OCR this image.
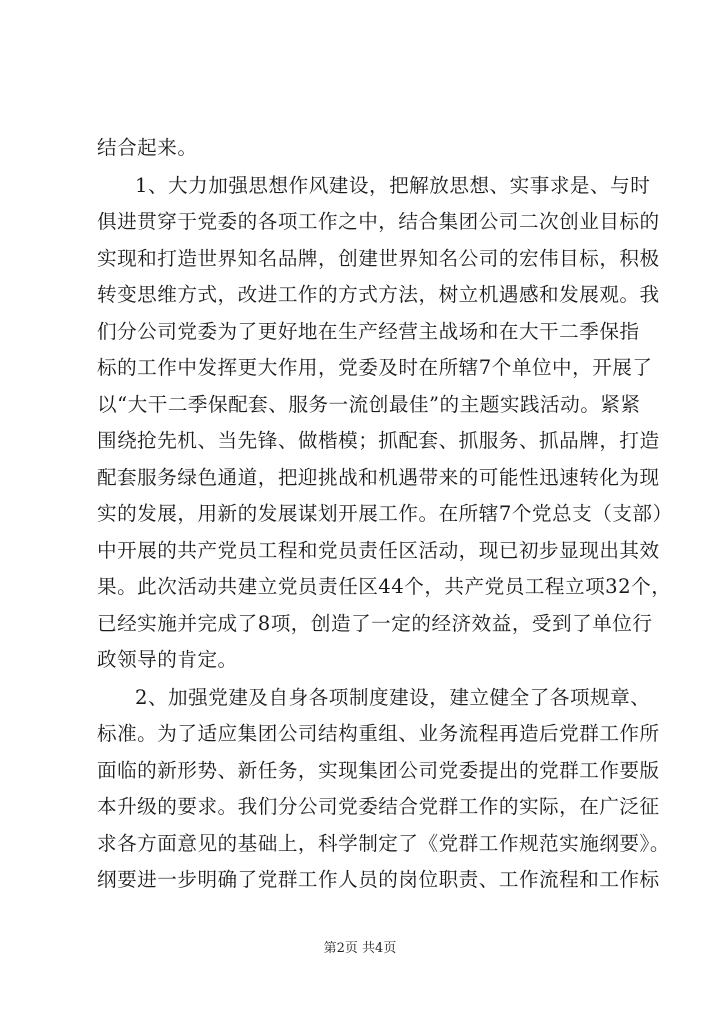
结合起来。
1、大力加强思想作风建设，把解放思想、实事求是、与时
俱进贯穿于党委的各项工作之中，结合集团公司二次创业目标的
实现和打造世界知名品牌，创建世界知名公司的宏伟目标，积极
转变思维方式，改进工作的方式方法，树立机遇感和发展观。我
们分公司党委为了更好地在生产经营主战场和在大干二季保指
标的工作中发挥更大作用，党委及时在所辖7个单位中，开展了
以“大干二季保配套、服务一流创最佳”的主题实践活动。紧紧
围绕抢先机、当先锋、做楷模；抓配套、抓服务、抓品牌，打造
配套服务绿色通道，把迎挑战和机遇带来的可能性迅速转化为现
实的发展，用新的发展谋划开展工作。在所辖7个党总支（支部）
中开展的共产党员工程和党员责任区活动，现已初步显现出其效
果。此次活动共建立党员责任区44个，共产党员工程立项32个，
已经实施并完成了8项，创造了一定的经济效益，受到了单位行
政领导的肯定。
2、加强党建及自身各项制度建设，建立健全了各项规章、
标准。为了适应集团公司结构重组、业务流程再造后党群工作所
面临的新形势、新任务，实现集团公司党委提出的党群工作要版
本升级的要求。我们分公司党委结合党群工作的实际，在广泛征
求各方面意见的基础上，科学制定了《党群工作规范实施纲要》。
纲要进一步明确了党群工作人员的岗位职责、工作流程和工作标
第2页 共4页
